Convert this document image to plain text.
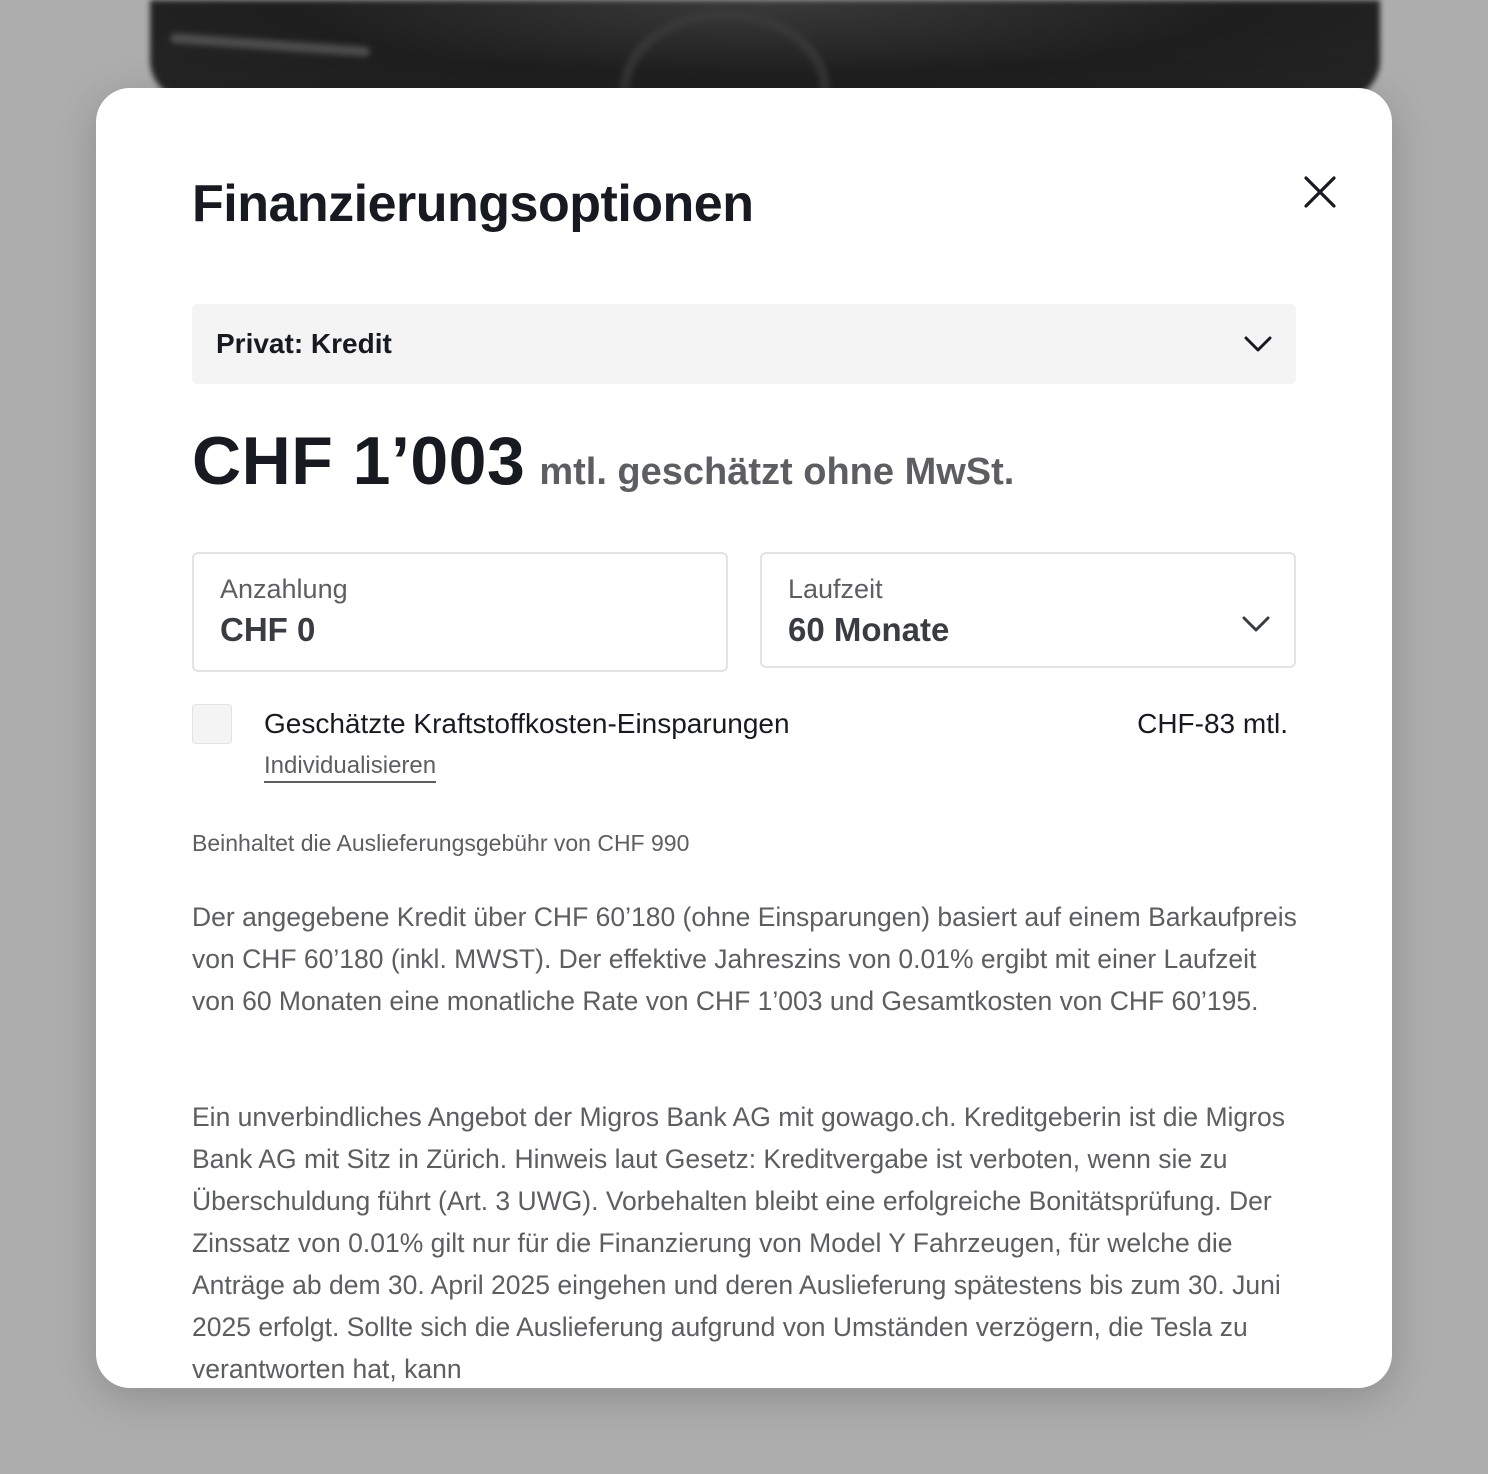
Finanzierungsoptionen
Privat: Kredit
CHF 1’003 mtl. geschätzt ohne MwSt.
Anzahlung
CHF 0
Laufzeit
60 Monate
Geschätzte Kraftstoffkosten-Einsparungen	CHF-83 mtl.
Individualisieren
Beinhaltet die Auslieferungsgebühr von CHF 990

Der angegebene Kredit über CHF 60’180 (ohne Einsparungen) basiert auf einem Barkaufpreis von CHF 60’180 (inkl. MWST). Der effektive Jahreszins von 0.01% ergibt mit einer Laufzeit von 60 Monaten eine monatliche Rate von CHF 1’003 und Gesamtkosten von CHF 60’195.

Ein unverbindliches Angebot der Migros Bank AG mit gowago.ch. Kreditgeberin ist die Migros Bank AG mit Sitz in Zürich. Hinweis laut Gesetz: Kreditvergabe ist verboten, wenn sie zu Überschuldung führt (Art. 3 UWG). Vorbehalten bleibt eine erfolgreiche Bonitätsprüfung. Der Zinssatz von 0.01% gilt nur für die Finanzierung von Model Y Fahrzeugen, für welche die Anträge ab dem 30. April 2025 eingehen und deren Auslieferung spätestens bis zum 30. Juni 2025 erfolgt. Sollte sich die Auslieferung aufgrund von Umständen verzögern, die Tesla zu verantworten hat, kann
